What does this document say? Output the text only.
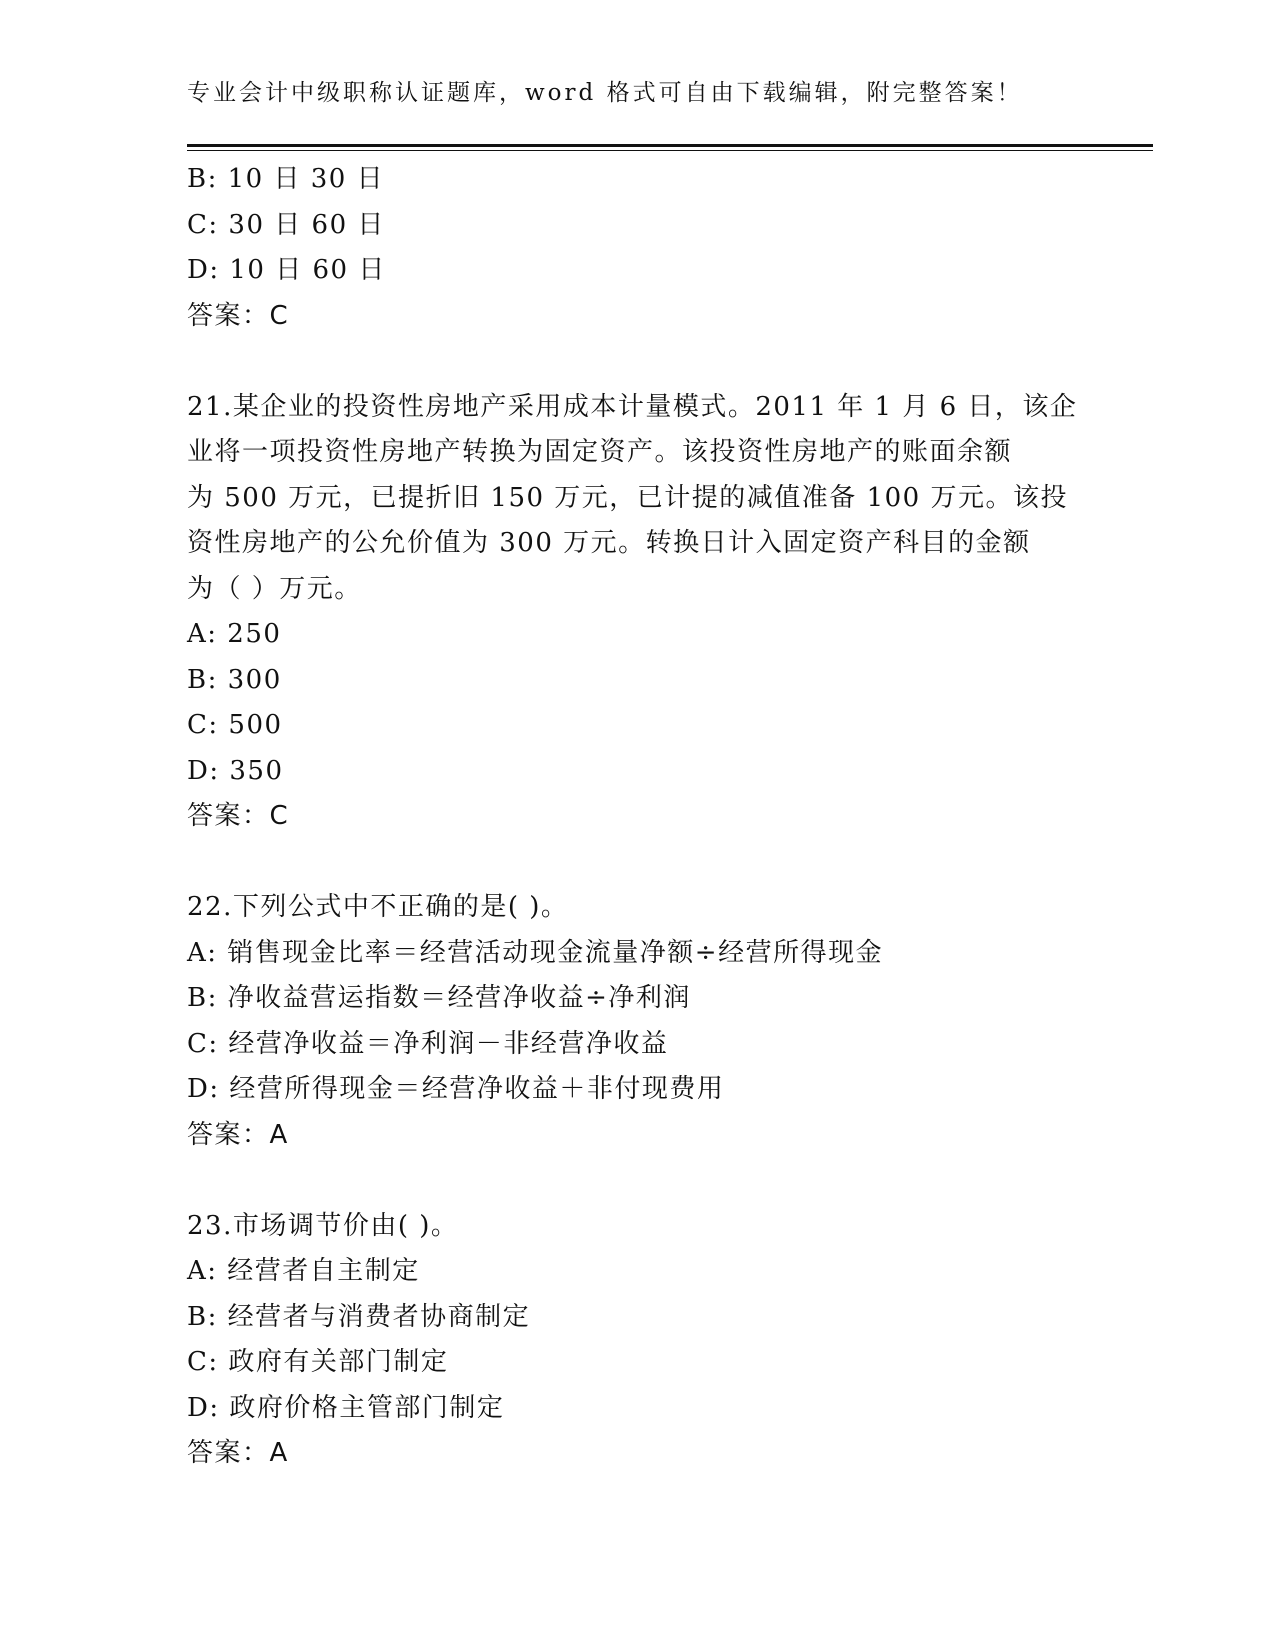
专业会计中级职称认证题库，word 格式可自由下载编辑，附完整答案！
B: 10 日 30 日
C: 30 日 60 日
D: 10 日 60 日
答案：C
21.某企业的投资性房地产采用成本计量模式。2011 年 1 月 6 日，该企
业将一项投资性房地产转换为固定资产。该投资性房地产的账面余额
为 500 万元，已提折旧 150 万元，已计提的减值准备 100 万元。该投
资性房地产的公允价值为 300 万元。转换日计入固定资产科目的金额
为（ ）万元。
A: 250
B: 300
C: 500
D: 350
答案：C
22.下列公式中不正确的是( )。
A: 销售现金比率＝经营活动现金流量净额÷经营所得现金
B: 净收益营运指数＝经营净收益÷净利润
C: 经营净收益＝净利润－非经营净收益
D: 经营所得现金＝经营净收益＋非付现费用
答案：A
23.市场调节价由( )。
A: 经营者自主制定
B: 经营者与消费者协商制定
C: 政府有关部门制定
D: 政府价格主管部门制定
答案：A
